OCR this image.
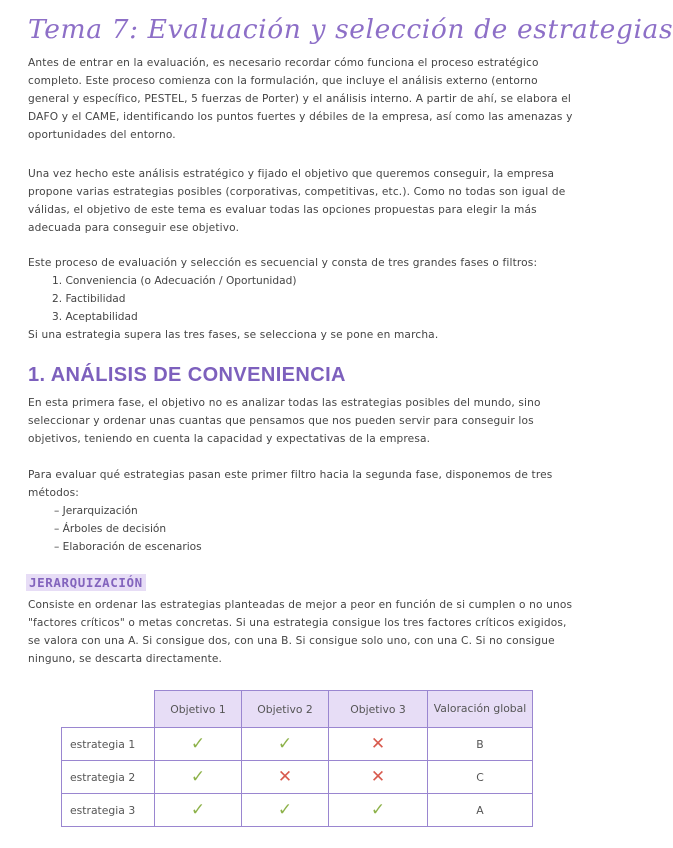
Tema 7: Evaluación y selección de estrategias

Antes de entrar en la evaluación, es necesario recordar cómo funciona el proceso estratégico completo. Este proceso comienza con la formulación, que incluye el análisis externo (entorno general y específico, PESTEL, 5 fuerzas de Porter) y el análisis interno. A partir de ahí, se elabora el DAFO y el CAME, identificando los puntos fuertes y débiles de la empresa, así como las amenazas y oportunidades del entorno.

Una vez hecho este análisis estratégico y fijado el objetivo que queremos conseguir, la empresa propone varias estrategias posibles (corporativas, competitivas, etc.). Como no todas son igual de válidas, el objetivo de este tema es evaluar todas las opciones propuestas para elegir la más adecuada para conseguir ese objetivo.

Este proceso de evaluación y selección es secuencial y consta de tres grandes fases o filtros:

1. Conveniencia (o Adecuación / Oportunidad)
2. Factibilidad
3. Aceptabilidad

Si una estrategia supera las tres fases, se selecciona y se pone en marcha.

1. ANÁLISIS DE CONVENIENCIA

En esta primera fase, el objetivo no es analizar todas las estrategias posibles del mundo, sino seleccionar y ordenar unas cuantas que pensamos que nos pueden servir para conseguir los objetivos, teniendo en cuenta la capacidad y expectativas de la empresa.

Para evaluar qué estrategias pasan este primer filtro hacia la segunda fase, disponemos de tres métodos:

– Jerarquización
– Árboles de decisión
– Elaboración de escenarios
JERARQUIZACIÓN

Consiste en ordenar las estrategias planteadas de mejor a peor en función de si cumplen o no unos "factores críticos" o metas concretas. Si una estrategia consigue los tres factores críticos exigidos, se valora con una A. Si consigue dos, con una B. Si consigue solo uno, con una C. Si no consigue ninguno, se descarta directamente.

	Objetivo 1	Objetivo 2	Objetivo 3	Valoración global
estrategia 1	✓	✓	✕	B
estrategia 2	✓	✕	✕	C
estrategia 3	✓	✓	✓	A
